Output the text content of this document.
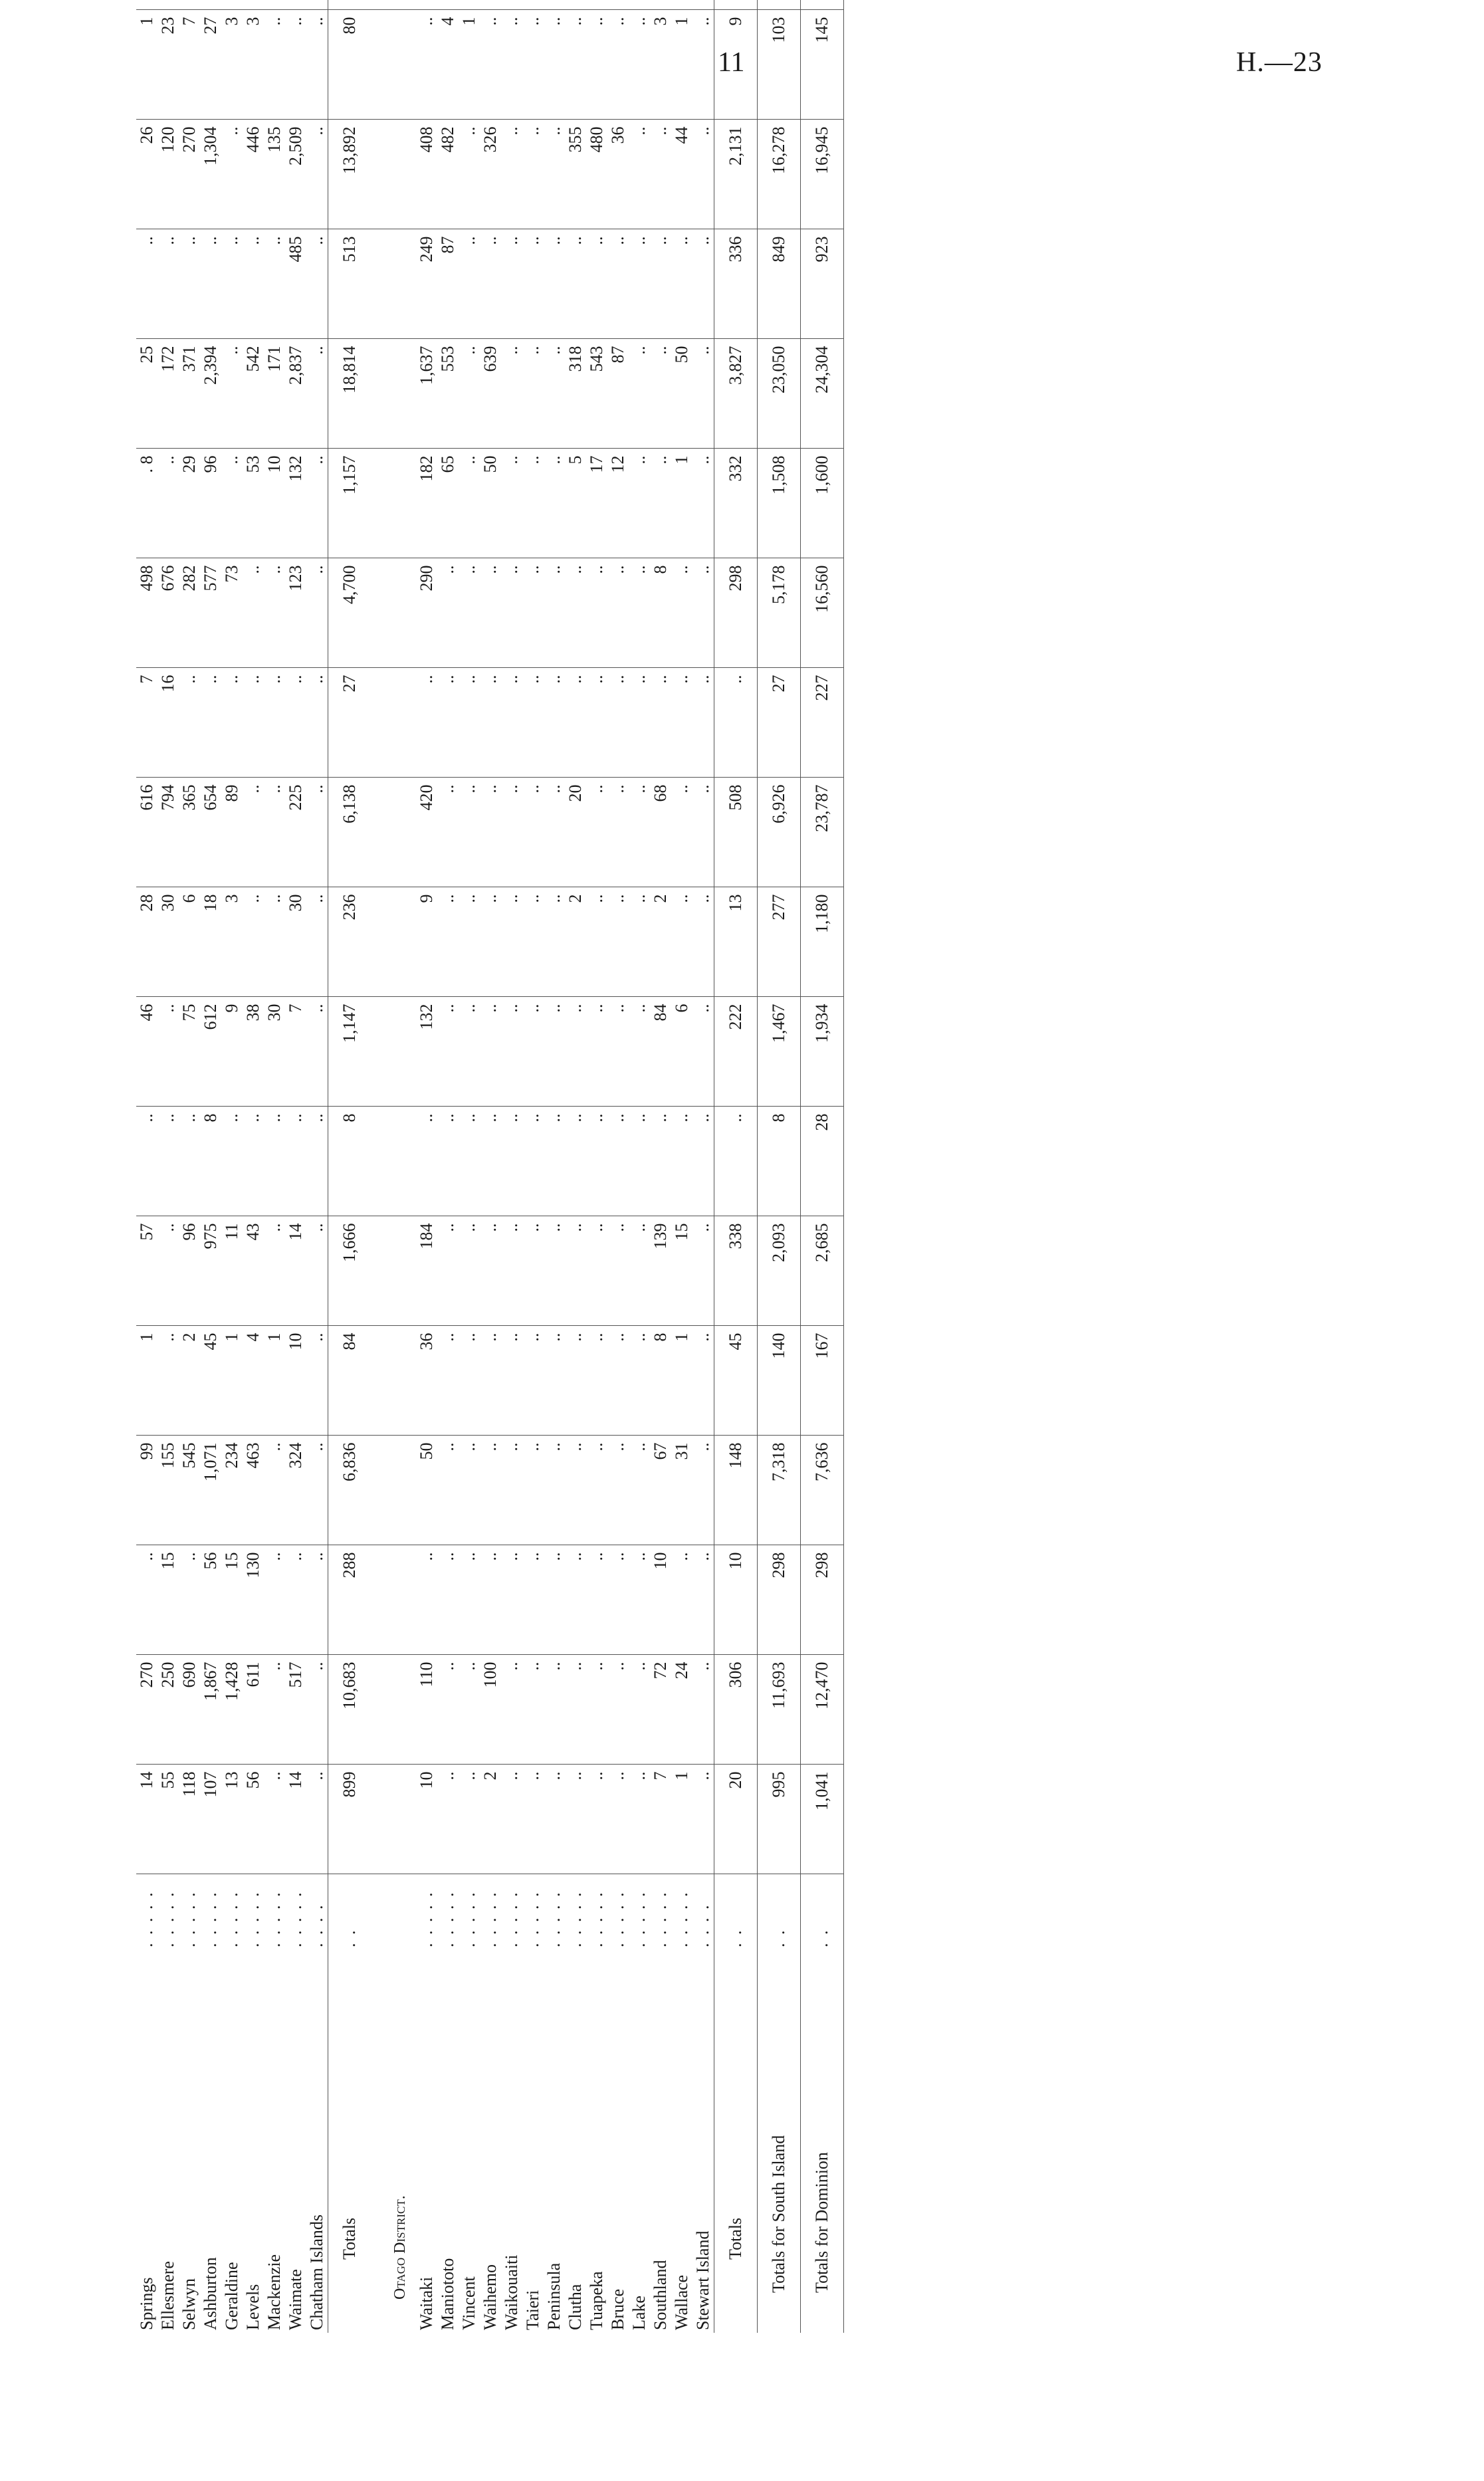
11	H.—23
Springs	. . . . .	14	270	..	99	1	57	..	46	28	616	7	498	. 8	25	..	26	1			
Ellesmere	. . . . .	55	250	15	155	..	..	..	..	30	794	16	676	..	172	..	120	23			
Selwyn	. . . . .	118	690	..	545	2	96	..	75	6	365	..	282	29	371	..	270	7			
Ashburton	. . . . .	107	1,867	56	1,071	45	975	8	612	18	654	..	577	96	2,394	..	1,304	27			
Geraldine	. . . . .	13	1,428	15	234	1	11	..	9	3	89	..	73	..	..	..	..	3			
Levels	. . . . .	56	611	130	463	4	43	..	38	..	..	..	..	53	542	..	446	3			
Mackenzie	. . . . .	..	..	..	..	1	..	..	30	..	..	..	..	10	171	..	135	..			
Waimate	. . . . .	14	517	..	324	10	14	..	7	30	225	..	123	132	2,837	485	2,509	..			
Chatham Islands	. . . .	..	..	..	..	..	..	..	..	..	..	..	..	..	..	..	..	..			
Totals	. .	899	10,683	288	6,836	84	1,666	8	1,147	236	6,138	27	4,700	1,157	18,814	513	13,892	80			

Otago District.																					
Waitaki	. . . . .	10	110	..	50	36	184	..	132	9	420	..	290	182	1,637	249	408	..			
Maniototo	. . . . .	..	..	..	..	..	..	..	..	..	..	..	..	65	553	87	482	4			
Vincent	. . . . .	..	..	..	..	..	..	..	..	..	..	..	..	..	..	..	..	1			
Waihemo	. . . . .	2	100	..	..	..	..	..	..	..	..	..	..	50	639	..	326	..			
Waikouaiti	. . . . .	..	..	..	..	..	..	..	..	..	..	..	..	..	..	..	..	..			
Taieri	. . . . .	..	..	..	..	..	..	..	..	..	..	..	..	..	..	..	..	..			
Peninsula	. . . . .	..	..	..	..	..	..	..	..	..	..	..	..	..	..	..	..	..			
Clutha	. . . . .	..	..	..	..	..	..	..	..	2	20	..	..	5	318	..	355	..			
Tuapeka	. . . . .	..	..	..	..	..	..	..	..	..	..	..	..	17	543	..	480	..			
Bruce	. . . . .	..	..	..	..	..	..	..	..	..	..	..	..	12	87	..	36	..			
Lake	. . . . .	..	..	..	..	..	..	..	..	..	..	..	..	..	..	..	..	..			
Southland	. . . . .	7	72	10	67	8	139	..	84	2	68	..	8	..	..	..	..	3			
Wallace	. . . . .	1	24	..	31	1	15	..	6	..	..	..	..	1	50	..	44	1			
Stewart Island	. . . .	..	..	..	..	..	..	..	..	..	..	..	..	..	..	..	..	..			
Totals	. .	20	306	10	148	45	338	..	222	13	508	..	298	332	3,827	336	2,131	9			
Totals for South Island	. .	995	11,693	298	7,318	140	2,093	8	1,467	277	6,926	27	5,178	1,508	23,050	849	16,278	103			
Totals for Dominion	. .	1,041	12,470	298	7,636	167	2,685	28	1,934	1,180	23,787	227	16,560	1,600	24,304	923	16,945	145			
